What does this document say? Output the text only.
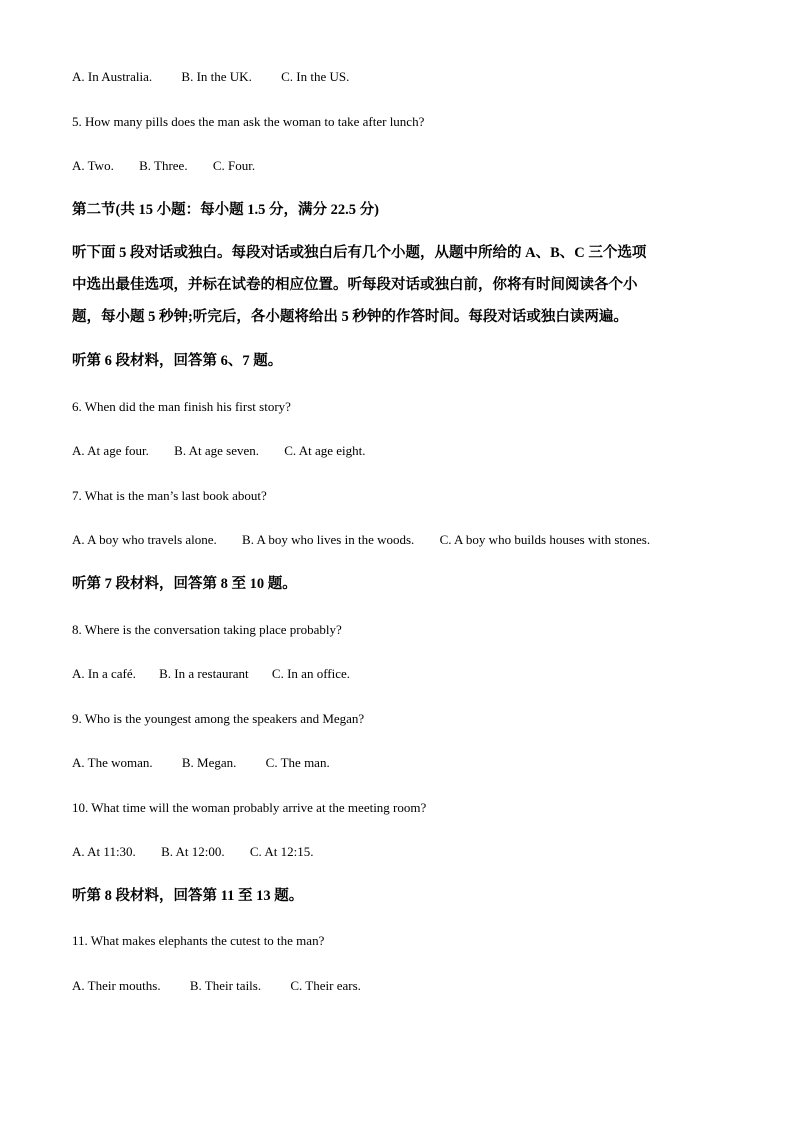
A. In Australia. B. In the UK. C. In the US.
5. How many pills does the man ask the woman to take after lunch?
A. Two. B. Three. C. Four.
第二节(共 15 小题：每小题 1.5 分，满分 22.5 分)
听下面 5 段对话或独白。每段对话或独白后有几个小题，从题中所给的 A、B、C 三个选项
中选出最佳选项，并标在试卷的相应位置。听每段对话或独白前，你将有时间阅读各个小
题，每小题 5 秒钟;听完后，各小题将给出 5 秒钟的作答时间。每段对话或独白读两遍。
听第 6 段材料，回答第 6、7 题。
6. When did the man finish his first story?
A. At age four. B. At age seven. C. At age eight.
7. What is the man’s last book about?
A. A boy who travels alone. B. A boy who lives in the woods. C. A boy who builds houses with stones.
听第 7 段材料，回答第 8 至 10 题。
8. Where is the conversation taking place probably?
A. In a café. B. In a restaurant C. In an office.
9. Who is the youngest among the speakers and Megan?
A. The woman. B. Megan. C. The man.
10. What time will the woman probably arrive at the meeting room?
A. At 11:30. B. At 12:00. C. At 12:15.
听第 8 段材料，回答第 11 至 13 题。
11. What makes elephants the cutest to the man?
A. Their mouths. B. Their tails. C. Their ears.
